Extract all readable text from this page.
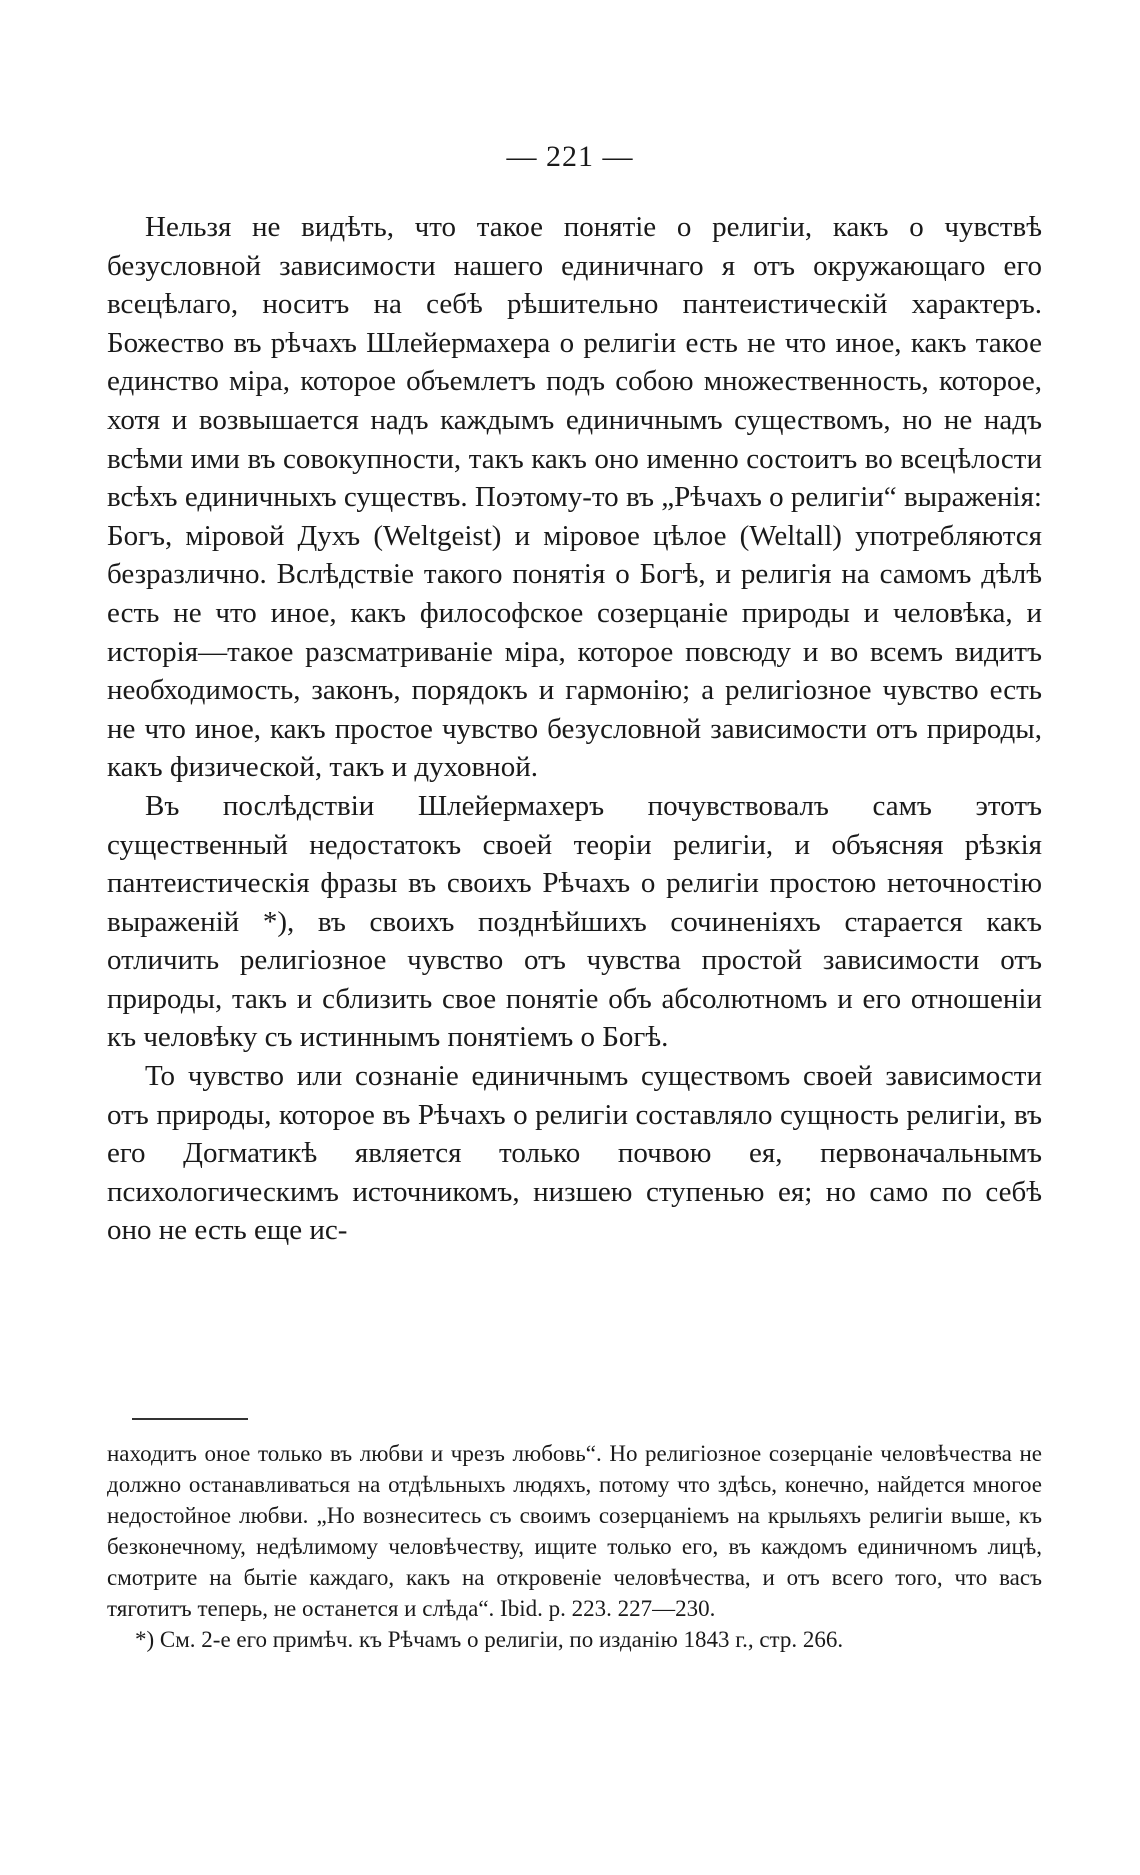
— 221 —

Нельзя не видѣть, что такое понятіе о религіи, какъ о чувствѣ безусловной зависимости нашего единичнаго я отъ окружающаго его всецѣлаго, носитъ на себѣ рѣшительно пантеистическій характеръ. Божество въ рѣчахъ Шлейермахера о религіи есть не что иное, какъ такое единство міра, которое объемлетъ подъ собою множественность, которое, хотя и возвышается надъ каждымъ единичнымъ существомъ, но не надъ всѣми ими въ совокупности, такъ какъ оно именно состоитъ во всецѣлости всѣхъ единичныхъ существъ. Поэтому-то въ „Рѣчахъ о религіи“ выраженія: Богъ, міровой Духъ (Weltgeist) и міровое цѣлое (Weltall) употребляются безразлично. Вслѣдствіе такого понятія о Богѣ, и религія на самомъ дѣлѣ есть не что иное, какъ философское созерцаніе природы и человѣка, и исторія—такое разсматриваніе міра, которое повсюду и во всемъ видитъ необходимость, законъ, порядокъ и гармонію; а религіозное чувство есть не что иное, какъ простое чувство безусловной зависимости отъ природы, какъ физической, такъ и духовной.

Въ послѣдствіи Шлейермахеръ почувствовалъ самъ этотъ существенный недостатокъ своей теоріи религіи, и объясняя рѣзкія пантеистическія фразы въ своихъ Рѣчахъ о религіи простою неточностію выраженій *), въ своихъ позднѣйшихъ сочиненіяхъ старается какъ отличить религіозное чувство отъ чувства простой зависимости отъ природы, такъ и сблизить свое понятіе объ абсолютномъ и его отношеніи къ человѣку съ истиннымъ понятіемъ о Богѣ.

То чувство или сознаніе единичнымъ существомъ своей зависимости отъ природы, которое въ Рѣчахъ о религіи составляло сущность религіи, въ его Догматикѣ является только почвою ея, первоначальнымъ психологическимъ источникомъ, низшею ступенью ея; но само по себѣ оно не есть еще ис-

находитъ оное только въ любви и чрезъ любовь“. Но религіозное созерцаніе человѣчества не должно останавливаться на отдѣльныхъ людяхъ, потому что здѣсь, конечно, найдется многое недостойное любви. „Но вознеситесь съ своимъ созерцаніемъ на крыльяхъ религіи выше, къ безконечному, недѣлимому человѣчеству, ищите только его, въ каждомъ единичномъ лицѣ, смотрите на бытіе каждаго, какъ на откровеніе человѣчества, и отъ всего того, что васъ тяготитъ теперь, не останется и слѣда“. Ibid. p. 223. 227—230.

*) См. 2-е его примѣч. къ Рѣчамъ о религіи, по изданію 1843 г., стр. 266.
